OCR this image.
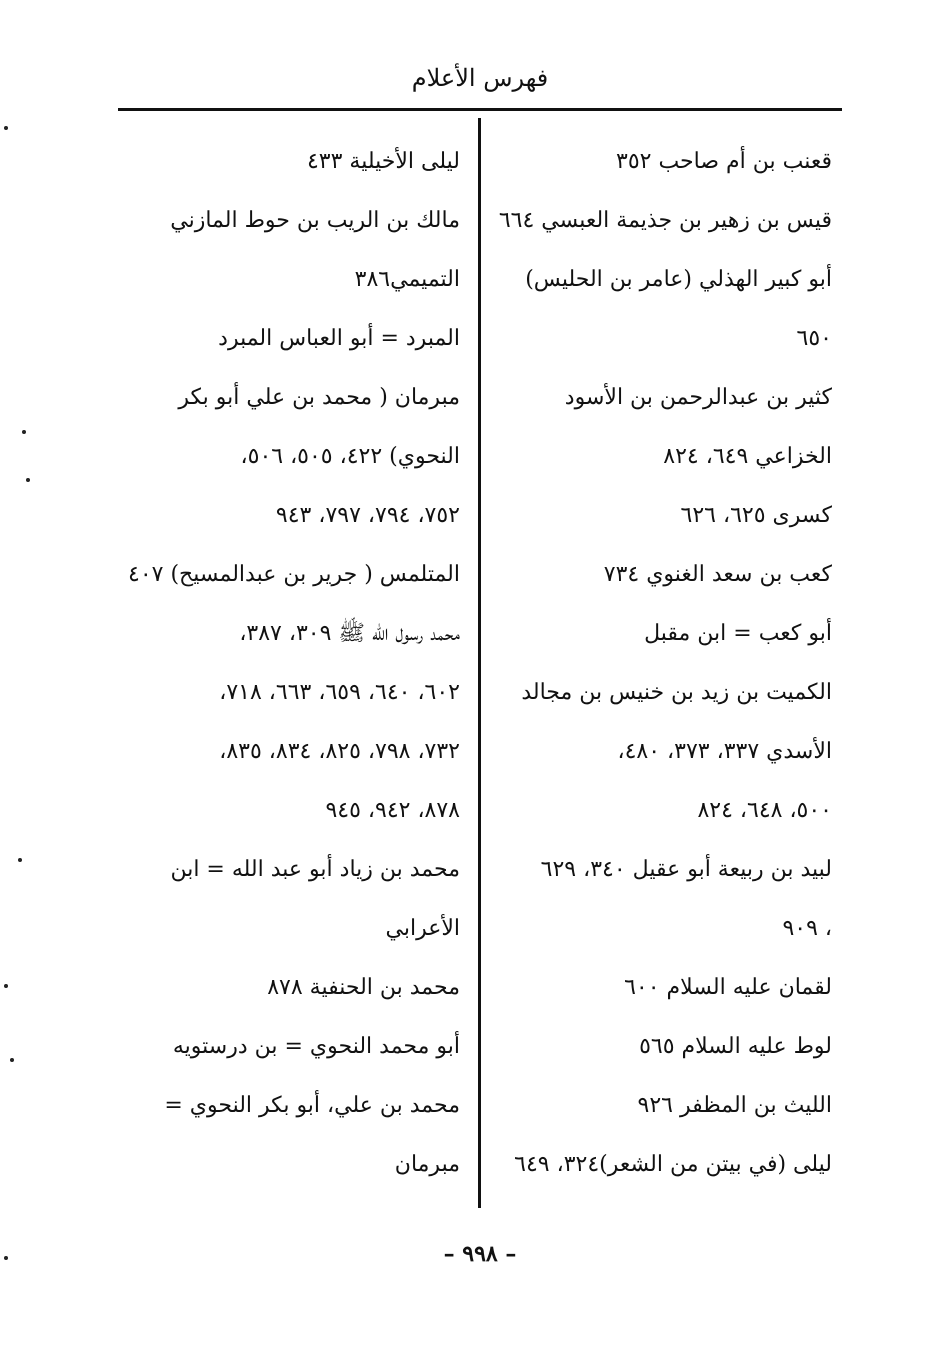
فهرس الأعلام
قعنب بن أم صاحب ٣٥٢
قيس بن زهير بن جذيمة العبسي ٦٦٤
أبو كبير الهذلي (عامر بن الحليس)
٦٥٠
كثير بن عبدالرحمن بن الأسود
الخزاعي ٦٤٩، ٨٢٤
كسرى ٦٢٥، ٦٢٦
كعب بن سعد الغنوي ٧٣٤
أبو كعب = ابن مقبل
الكميت بن زيد بن خنيس بن مجالد
الأسدي ٣٣٧، ٣٧٣، ٤٨٠،
٥٠٠، ٦٤٨، ٨٢٤
لبيد بن ربيعة أبو عقيل ٣٤٠، ٦٢٩
، ٩٠٩
لقمان عليه السلام ٦٠٠
لوط عليه السلام ٥٦٥
الليث بن المظفر ٩٢٦
ليلى (في بيتن من الشعر)٣٢٤، ٦٤٩
ليلى الأخيلية ٤٣٣
مالك بن الريب بن حوط المازني
التميمي٣٨٦
المبرد = أبو العباس المبرد
مبرمان ( محمد بن علي أبو بكر
النحوي) ٤٢٢، ٥٠٥، ٥٠٦،
٧٥٢، ٧٩٤، ٧٩٧، ٩٤٣
المتلمس ( جرير بن عبدالمسيح) ٤٠٧
محمد رسول الله ﷺ ٣٠٩، ٣٨٧،
٦٠٢، ٦٤٠، ٦٥٩، ٦٦٣، ٧١٨،
٧٣٢، ٧٩٨، ٨٢٥، ٨٣٤، ٨٣٥،
٨٧٨، ٩٤٢، ٩٤٥
محمد بن زياد أبو عبد الله = ابن
الأعرابي
محمد بن الحنفية ٨٧٨
أبو محمد النحوي = بن درستويه
محمد بن علي، أبو بكر النحوي =
مبرمان
– ٩٩٨ –
